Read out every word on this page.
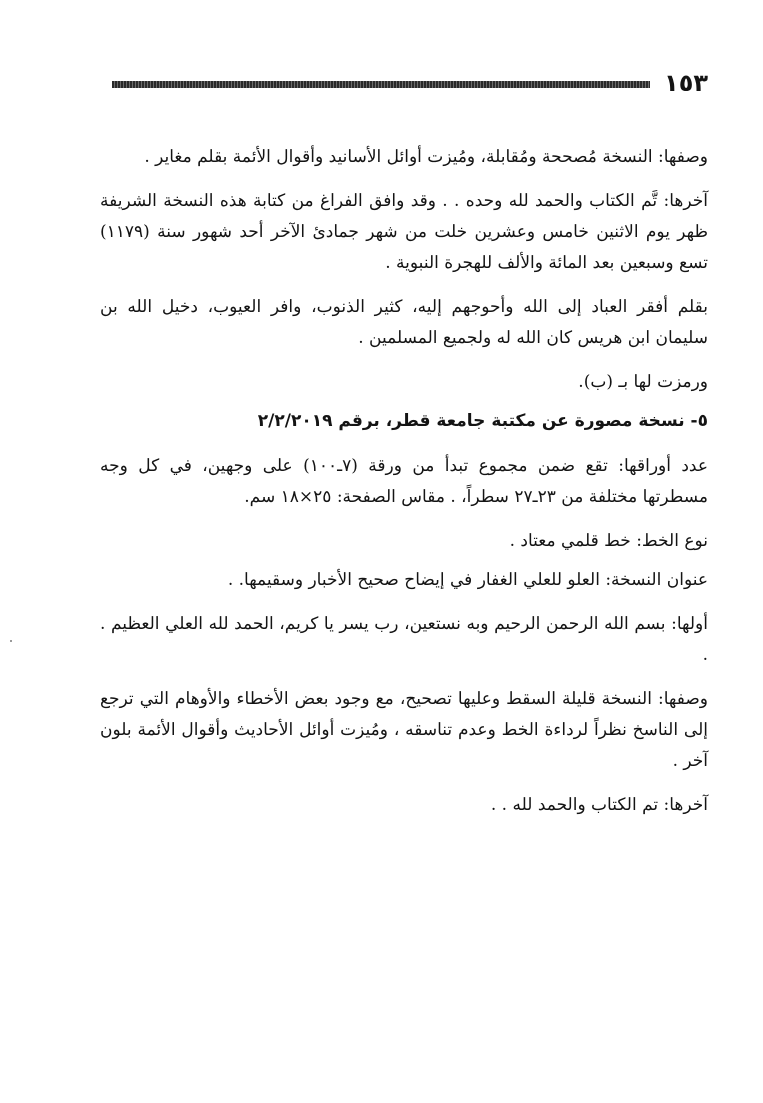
١٥٣

وصفها: النسخة مُصححة ومُقابلة، ومُيزت أوائل الأسانيد وأقوال الأئمة بقلم مغاير .

آخرها: تَّم الكتاب والحمد لله وحده . . وقد وافق الفراغ من كتابة هذه النسخة الشريفة ظهر يوم الاثنين خامس وعشرين خلت من شهر جمادئ الآخر أحد شهور سنة (١١٧٩) تسع وسبعين بعد المائة والألف للهجرة النبوية .

بقلم أفقر العباد إلى الله وأحوجهم إليه، كثير الذنوب، وافر العيوب، دخيل الله بن سليمان ابن هريس كان الله له ولجميع المسلمين .

ورمزت لها بـ (ب).

٥- نسخة مصورة عن مكتبة جامعة قطر، برقم ٢/٢/٢٠١٩

عدد أوراقها: تقع ضمن مجموع تبدأ من ورقة (٧ـ١٠٠) على وجهين، في كل وجه مسطرتها مختلفة من ٢٣ـ٢٧ سطراً، . مقاس الصفحة: ٢٥×١٨ سم.

نوع الخط: خط قلمي معتاد .

عنوان النسخة: العلو للعلي الغفار في إيضاح صحيح الأخبار وسقيمها. .

أولها: بسم الله الرحمن الرحيم وبه نستعين، رب يسر يا كريم، الحمد لله العلي العظيم . .

وصفها: النسخة قليلة السقط وعليها تصحيح، مع وجود بعض الأخطاء والأوهام التي ترجع إلى الناسخ نظراً لرداءة الخط وعدم تناسقه ، ومُيزت أوائل الأحاديث وأقوال الأئمة بلون آخر .

آخرها: تم الكتاب والحمد لله . .
